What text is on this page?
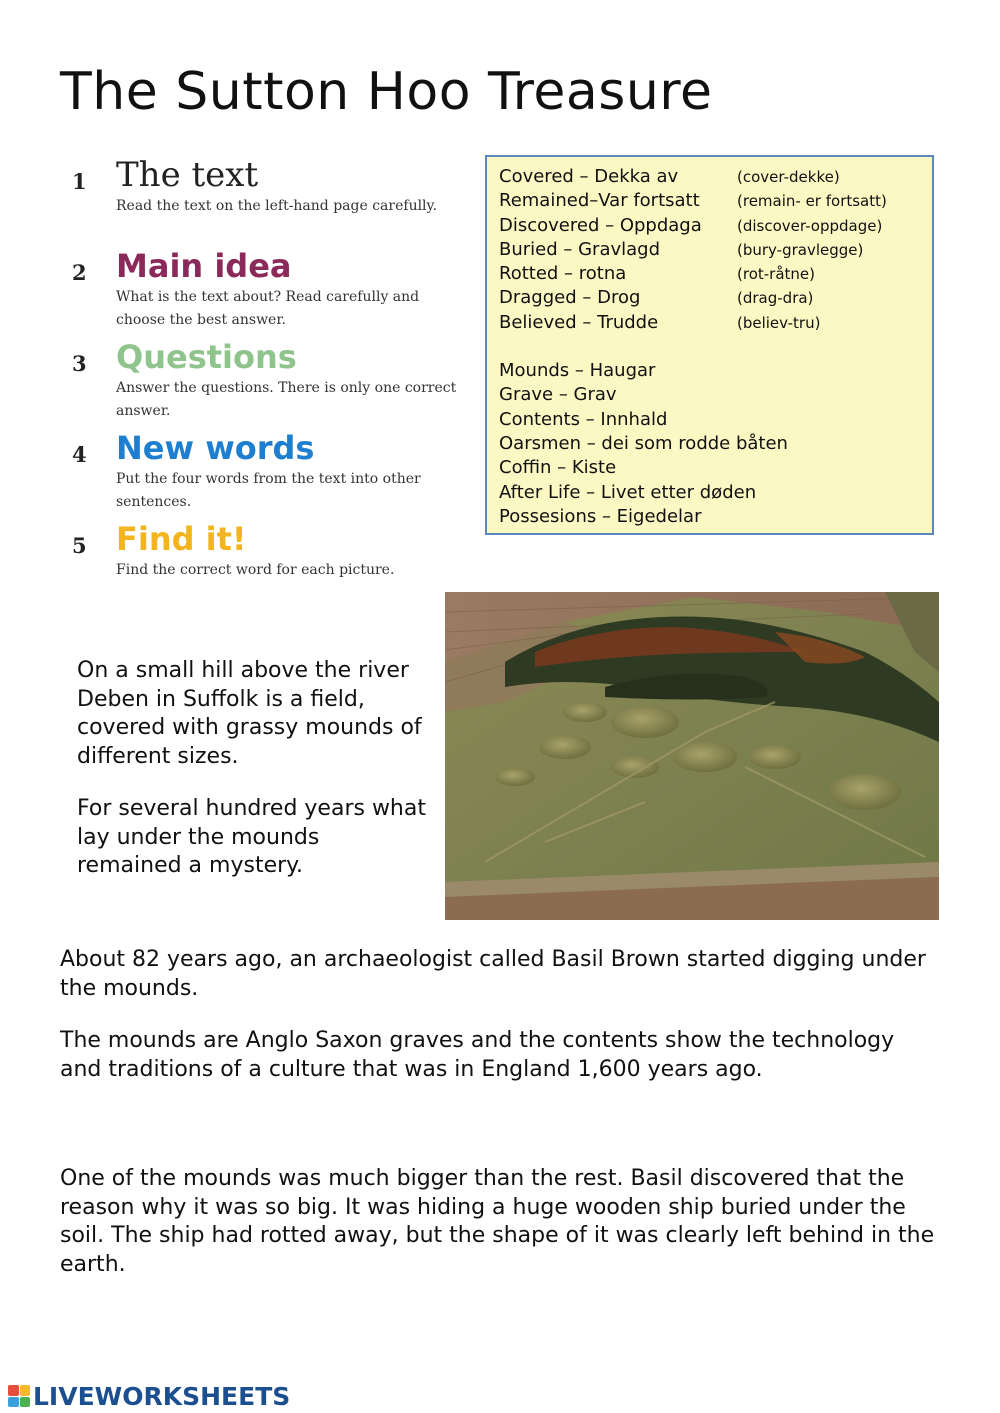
The Sutton Hoo Treasure
1 The text
Read the text on the left-hand page carefully.
2 Main idea
What is the text about? Read carefully and choose the best answer.
3 Questions
Answer the questions. There is only one correct answer.
4 New words
Put the four words from the text into other sentences.
5 Find it!
Find the correct word for each picture.
Covered – Dekka av	(cover-dekke)
Remained–Var fortsatt (remain- er fortsatt)
Discovered – Oppdaga (discover-oppdage)
Buried – Gravlagd	(bury-gravlegge)
Rotted – rotna	(rot-råtne)
Dragged – Drog	(drag-dra)
Believed – Trudde	(believ-tru)
Mounds – Haugar
Grave – Grav
Contents – Innhald
Oarsmen – dei som rodde båten
Coffin – Kiste
After Life – Livet etter døden
Possesions – Eigedelar
On a small hill above the river Deben in Suffolk is a field, covered with grassy mounds of different sizes.
For several hundred years what lay under the mounds remained a mystery.
About 82 years ago, an archaeologist called Basil Brown started digging under the mounds.
The mounds are Anglo Saxon graves and the contents show the technology and traditions of a culture that was in England 1,600 years ago.
One of the mounds was much bigger than the rest. Basil discovered that the reason why it was so big. It was hiding a huge wooden ship buried under the soil. The ship had rotted away, but the shape of it was clearly left behind in the earth.
LIVEWORKSHEETS
